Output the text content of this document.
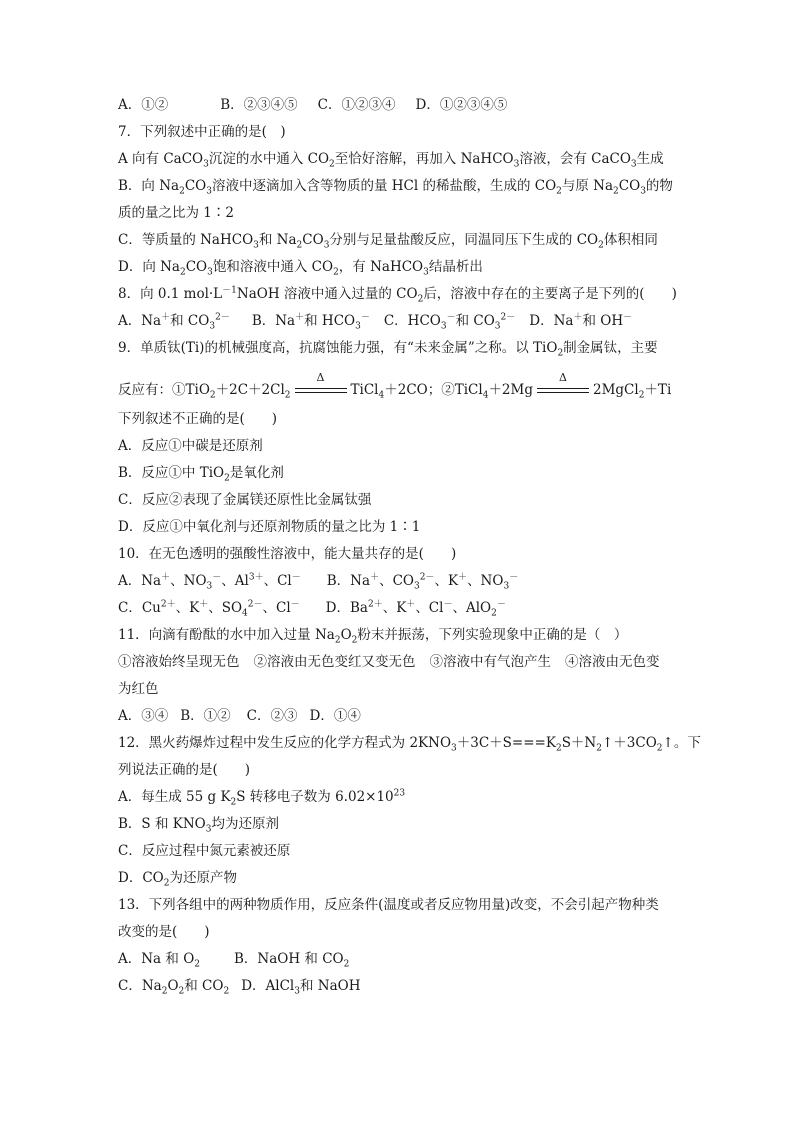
A．①②	B．②③④⑤ C．①②③④ D．①②③④⑤
7．下列叙述中正确的是(　)
A 向有 CaCO$_3$沉淀的水中通入 $CO_2$至恰好溶解，再加入 NaHCO$_3$溶液，会有 CaCO$_3$生成
B．向 $Na_2CO_3$溶液中逐滴加入含等物质的量 HCl 的稀盐酸，生成的 $CO_2$与原 $Na_2CO_3$的物
质的量之比为 1∶2
C．等质量的 NaHCO$_3$和 $Na_2CO_3$分别与足量盐酸反应，同温同压下生成的 $CO_2$体积相同
D．向 $Na_2CO_3$饱和溶液中通入 $CO_2$，有 NaHCO$_3$结晶析出
8．向 0.1 $mol\cdot L^{-1}NaOH$ 溶液中通入过量的 $CO_2$后，溶液中存在的主要离子是下列的(　　)
A．Na＋和 $CO_3^{2-}$ B．Na＋和 $HCO_3^-$ C．$HCO_3^-$和 $CO_3^{2-}$ D．Na＋和 OH－
9．单质钛(Ti)的机械强度高，抗腐蚀能力强，有“未来金属”之称。以 TiO$_2$制金属钛，主要
反应有：$①TiO_2+2C+2Cl_2$
Δ
TiCl$_4$＋2CO；②TiCl$_4$＋2Mg
Δ
2MgCl$_2$＋Ti
下列叙述不正确的是(　　)
A．反应①中碳是还原剂
B．反应①中 TiO$_2$是氧化剂
C．反应②表现了金属镁还原性比金属钛强
D．反应①中氧化剂与还原剂物质的量之比为 1∶1
10．在无色透明的强酸性溶液中，能大量共存的是(　　)
A．Na＋、$NO_3^-$、$Al^{3+}$、Cl－ B．Na＋、$CO_3^{2-}$、K＋、$NO_3^-$
C．$Cu^{2+}$、K＋、$SO_4^{2-}$、Cl－ D．$Ba^{2+}$、K＋、Cl－、AlO$_2$－
11．向滴有酚酞的水中加入过量 $Na_2O_2$粉末并振荡，下列实验现象中正确的是（　）
①溶液始终呈现无色 ②溶液由无色变红又变无色 ③溶液中有气泡产生 ④溶液由无色变
为红色
A．③④ B．①② C．②③ D．①④
12．黑火药爆炸过程中发生反应的化学方程式为 $2KNO_3+3C+S===K_2S+N_2↑+3CO_2↑$。下
列说法正确的是(　　)
A．每生成 55 g $K_2S$ 转移电子数为 $6.02\times 10^{23}$
B．S 和 $KNO_3$均为还原剂
C．反应过程中氮元素被还原
D．$CO_2$为还原产物
13．下列各组中的两种物质作用，反应条件(温度或者反应物用量)改变，不会引起产物种类
改变的是(　　)
A．Na 和 $O_2$	B．NaOH 和 $CO_2$
C．$Na_2O_2$和 $CO_2$ D．AlCl$_3$和 NaOH
